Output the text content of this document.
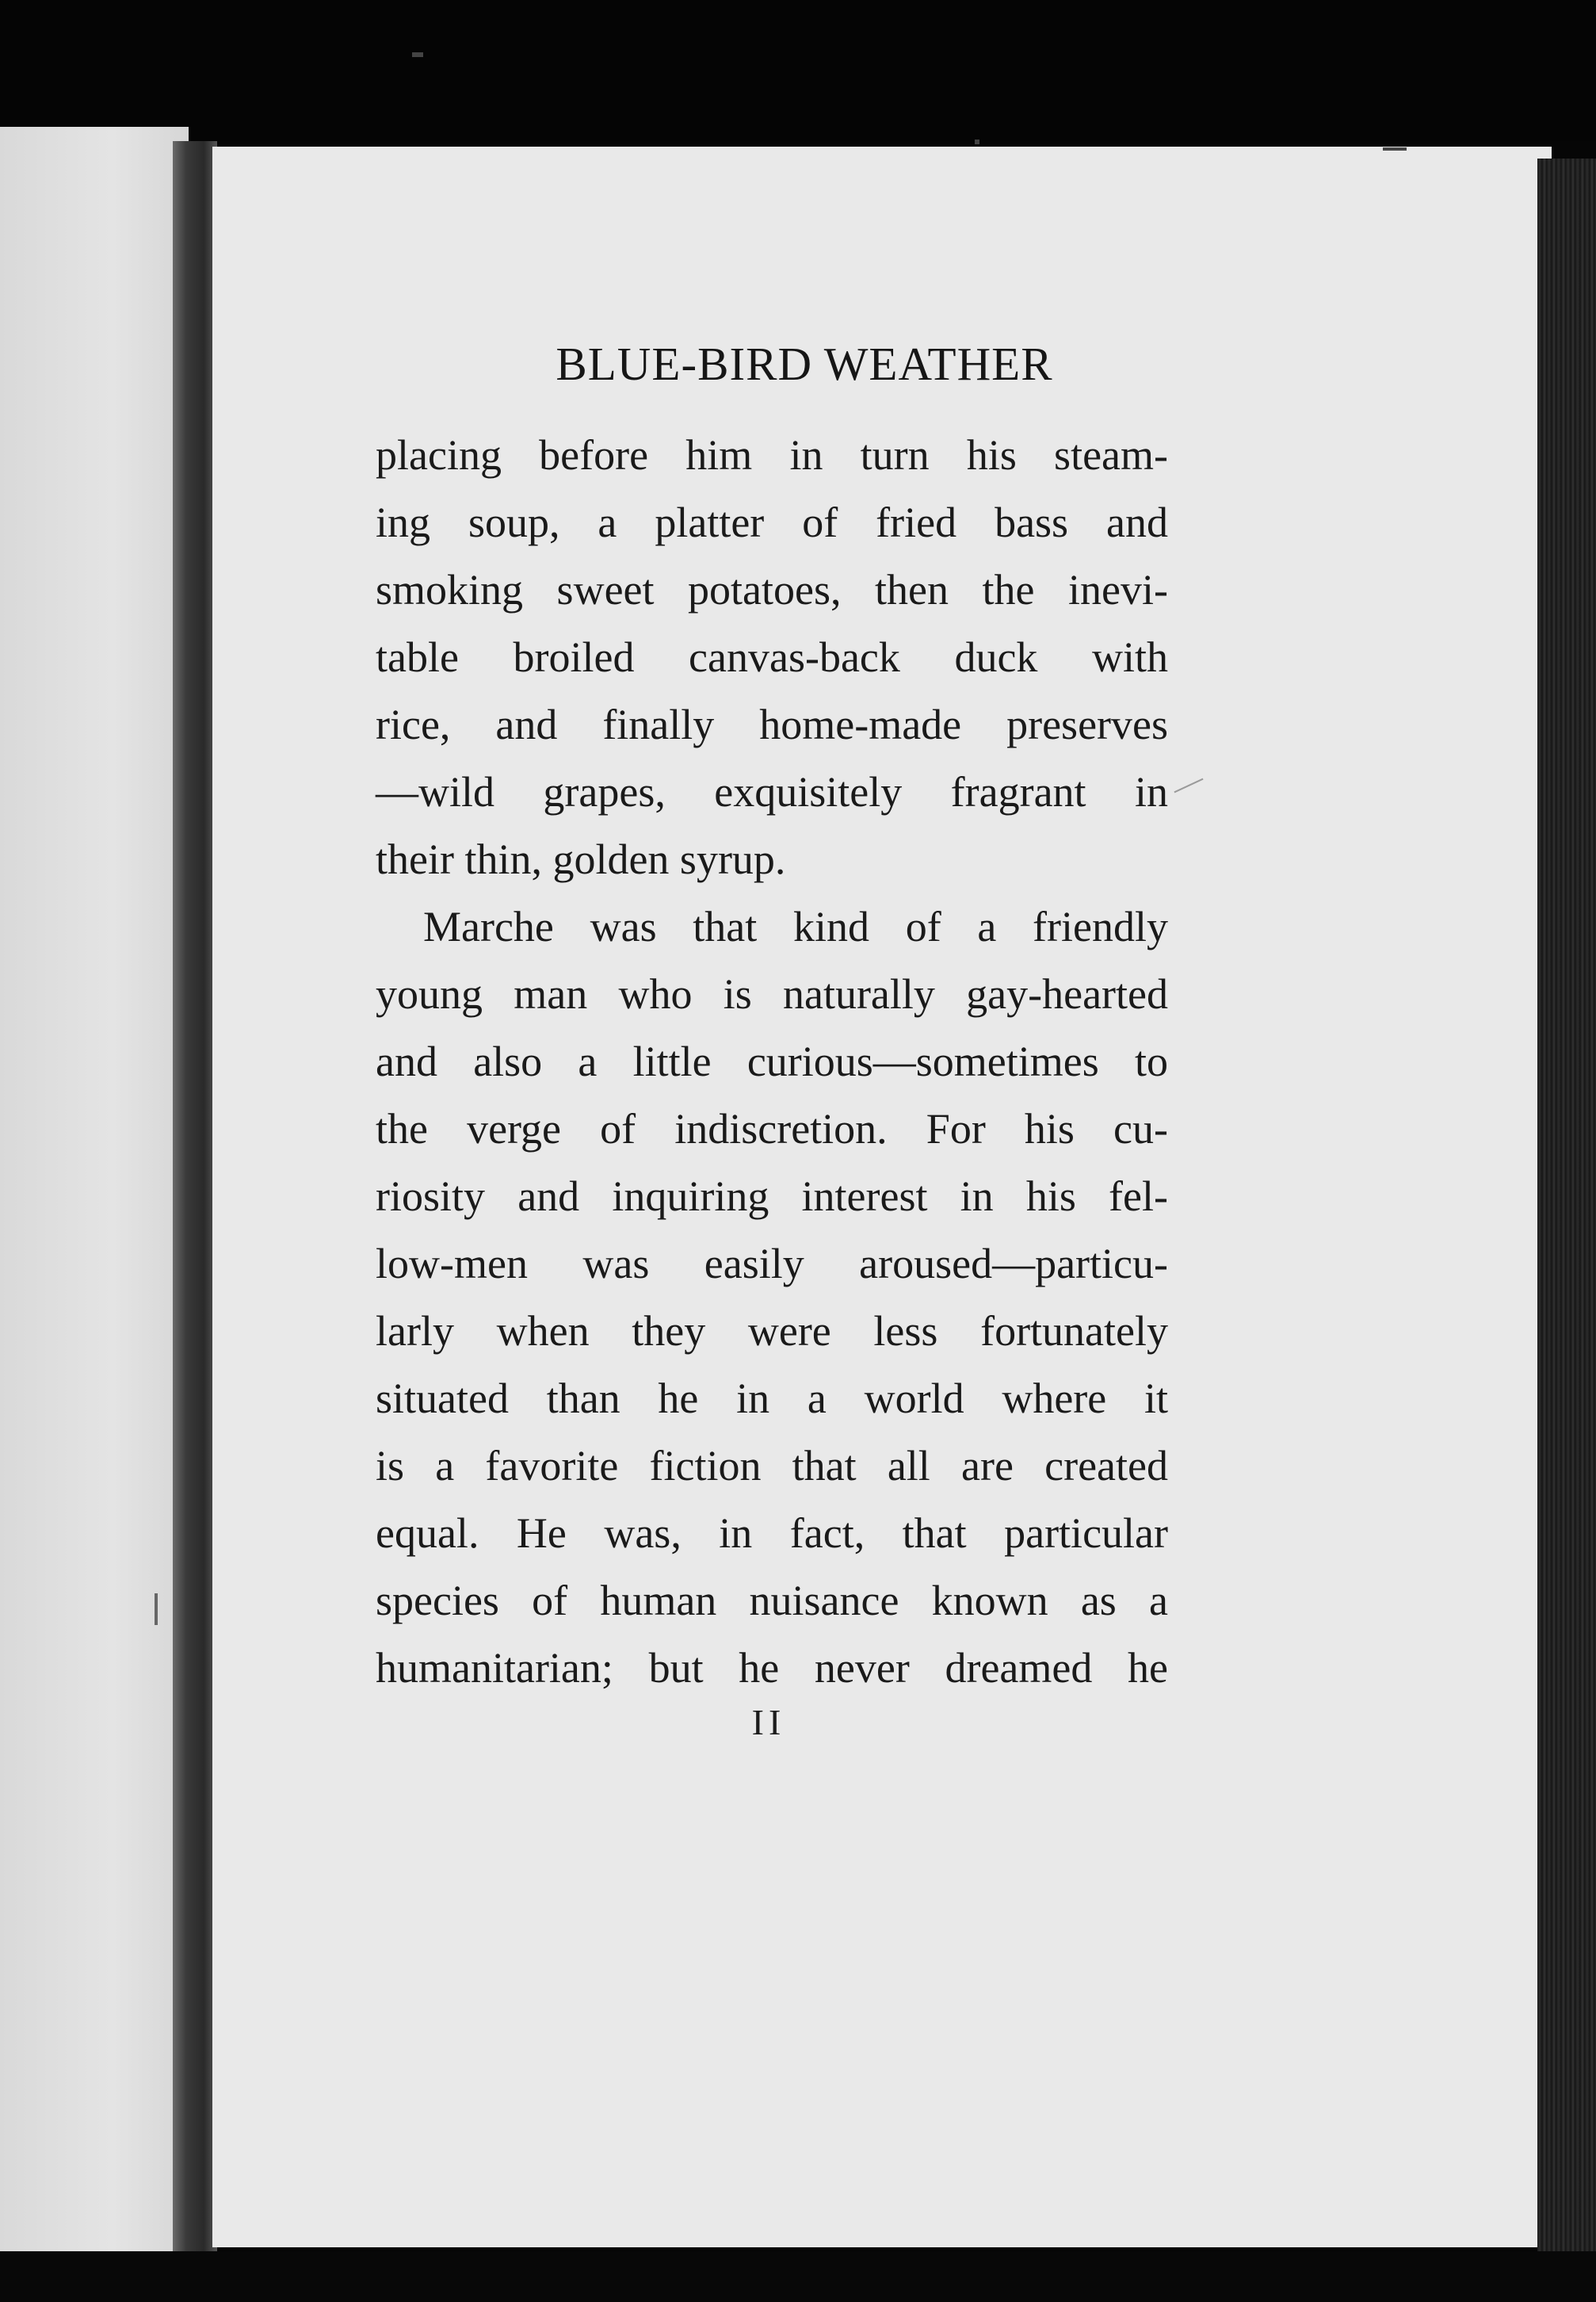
BLUE-BIRD WEATHER
placing before him in turn his steam-
ing soup, a platter of fried bass and
smoking sweet potatoes, then the inevi-
table broiled canvas-back duck with
rice, and finally home-made preserves
—wild grapes, exquisitely fragrant in
their thin, golden syrup.
Marche was that kind of a friendly
young man who is naturally gay-hearted
and also a little curious—sometimes to
the verge of indiscretion. For his cu-
riosity and inquiring interest in his fel-
low-men was easily aroused—particu-
larly when they were less fortunately
situated than he in a world where it
is a favorite fiction that all are created
equal. He was, in fact, that particular
species of human nuisance known as a
humanitarian; but he never dreamed he
II
